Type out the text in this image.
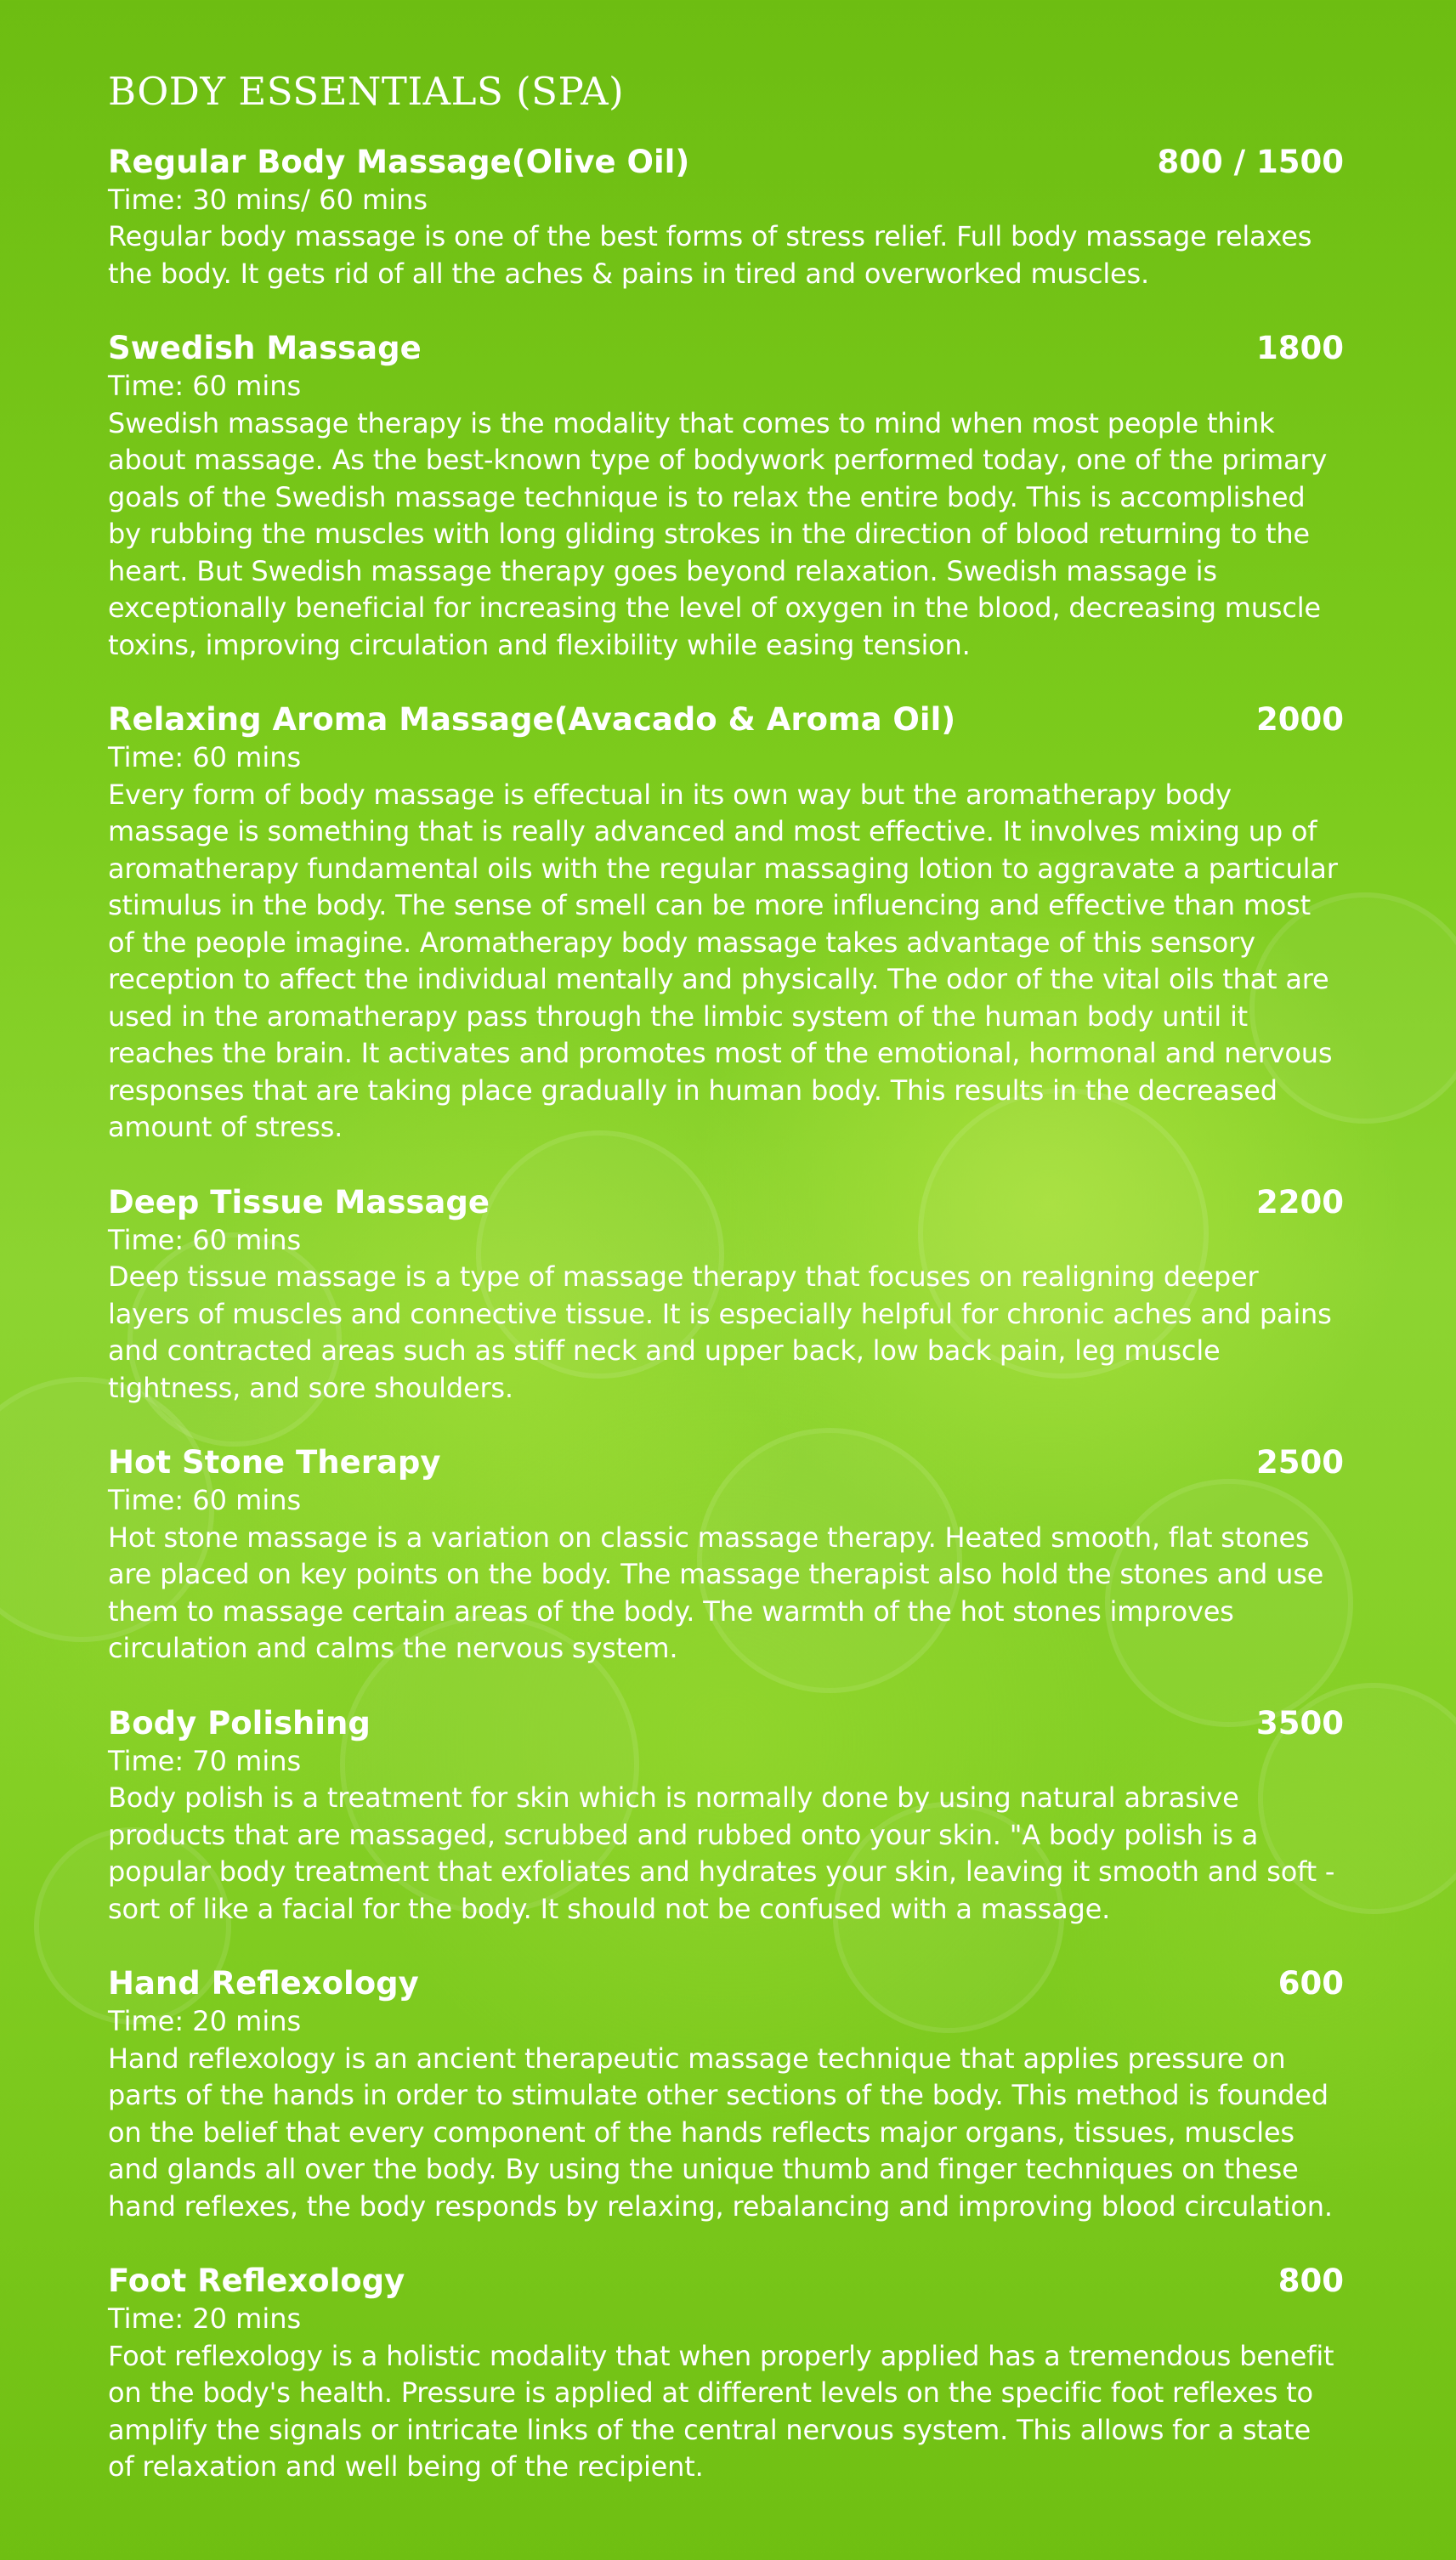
BODY ESSENTIALS (SPA)
Regular Body Massage(Olive Oil)	800 / 1500
Time: 30 mins/ 60 mins

Regular body massage is one of the best forms of stress relief. Full body massage relaxes the body. It gets rid of all the aches & pains in tired and overworked muscles.

Swedish Massage	1800
Time: 60 mins

Swedish massage therapy is the modality that comes to mind when most people think about massage. As the best-known type of bodywork performed today, one of the primary goals of the Swedish massage technique is to relax the entire body. This is accomplished by rubbing the muscles with long gliding strokes in the direction of blood returning to the heart. But Swedish massage therapy goes beyond relaxation. Swedish massage is exceptionally beneficial for increasing the level of oxygen in the blood, decreasing muscle toxins, improving circulation and flexibility while easing tension.

Relaxing Aroma Massage(Avacado & Aroma Oil)	2000
Time: 60 mins

Every form of body massage is effectual in its own way but the aromatherapy body massage is something that is really advanced and most effective. It involves mixing up of aromatherapy fundamental oils with the regular massaging lotion to aggravate a particular stimulus in the body. The sense of smell can be more influencing and effective than most of the people imagine. Aromatherapy body massage takes advantage of this sensory reception to affect the individual mentally and physically. The odor of the vital oils that are used in the aromatherapy pass through the limbic system of the human body until it reaches the brain. It activates and promotes most of the emotional, hormonal and nervous responses that are taking place gradually in human body. This results in the decreased amount of stress.

Deep Tissue Massage	2200
Time: 60 mins

Deep tissue massage is a type of massage therapy that focuses on realigning deeper layers of muscles and connective tissue. It is especially helpful for chronic aches and pains and contracted areas such as stiff neck and upper back, low back pain, leg muscle tightness, and sore shoulders.

Hot Stone Therapy	2500
Time: 60 mins

Hot stone massage is a variation on classic massage therapy. Heated smooth, flat stones are placed on key points on the body. The massage therapist also hold the stones and use them to massage certain areas of the body. The warmth of the hot stones improves circulation and calms the nervous system.

Body Polishing	3500
Time: 70 mins

Body polish is a treatment for skin which is normally done by using natural abrasive products that are massaged, scrubbed and rubbed onto your skin. "A body polish is a popular body treatment that exfoliates and hydrates your skin, leaving it smooth and soft - sort of like a facial for the body. It should not be confused with a massage.

Hand Reflexology	600
Time: 20 mins

Hand reflexology is an ancient therapeutic massage technique that applies pressure on parts of the hands in order to stimulate other sections of the body. This method is founded on the belief that every component of the hands reflects major organs, tissues, muscles and glands all over the body. By using the unique thumb and finger techniques on these hand reflexes, the body responds by relaxing, rebalancing and improving blood circulation.

Foot Reflexology	800
Time: 20 mins

Foot reflexology is a holistic modality that when properly applied has a tremendous benefit on the body's health. Pressure is applied at different levels on the specific foot reflexes to amplify the signals or intricate links of the central nervous system. This allows for a state of relaxation and well being of the recipient.
